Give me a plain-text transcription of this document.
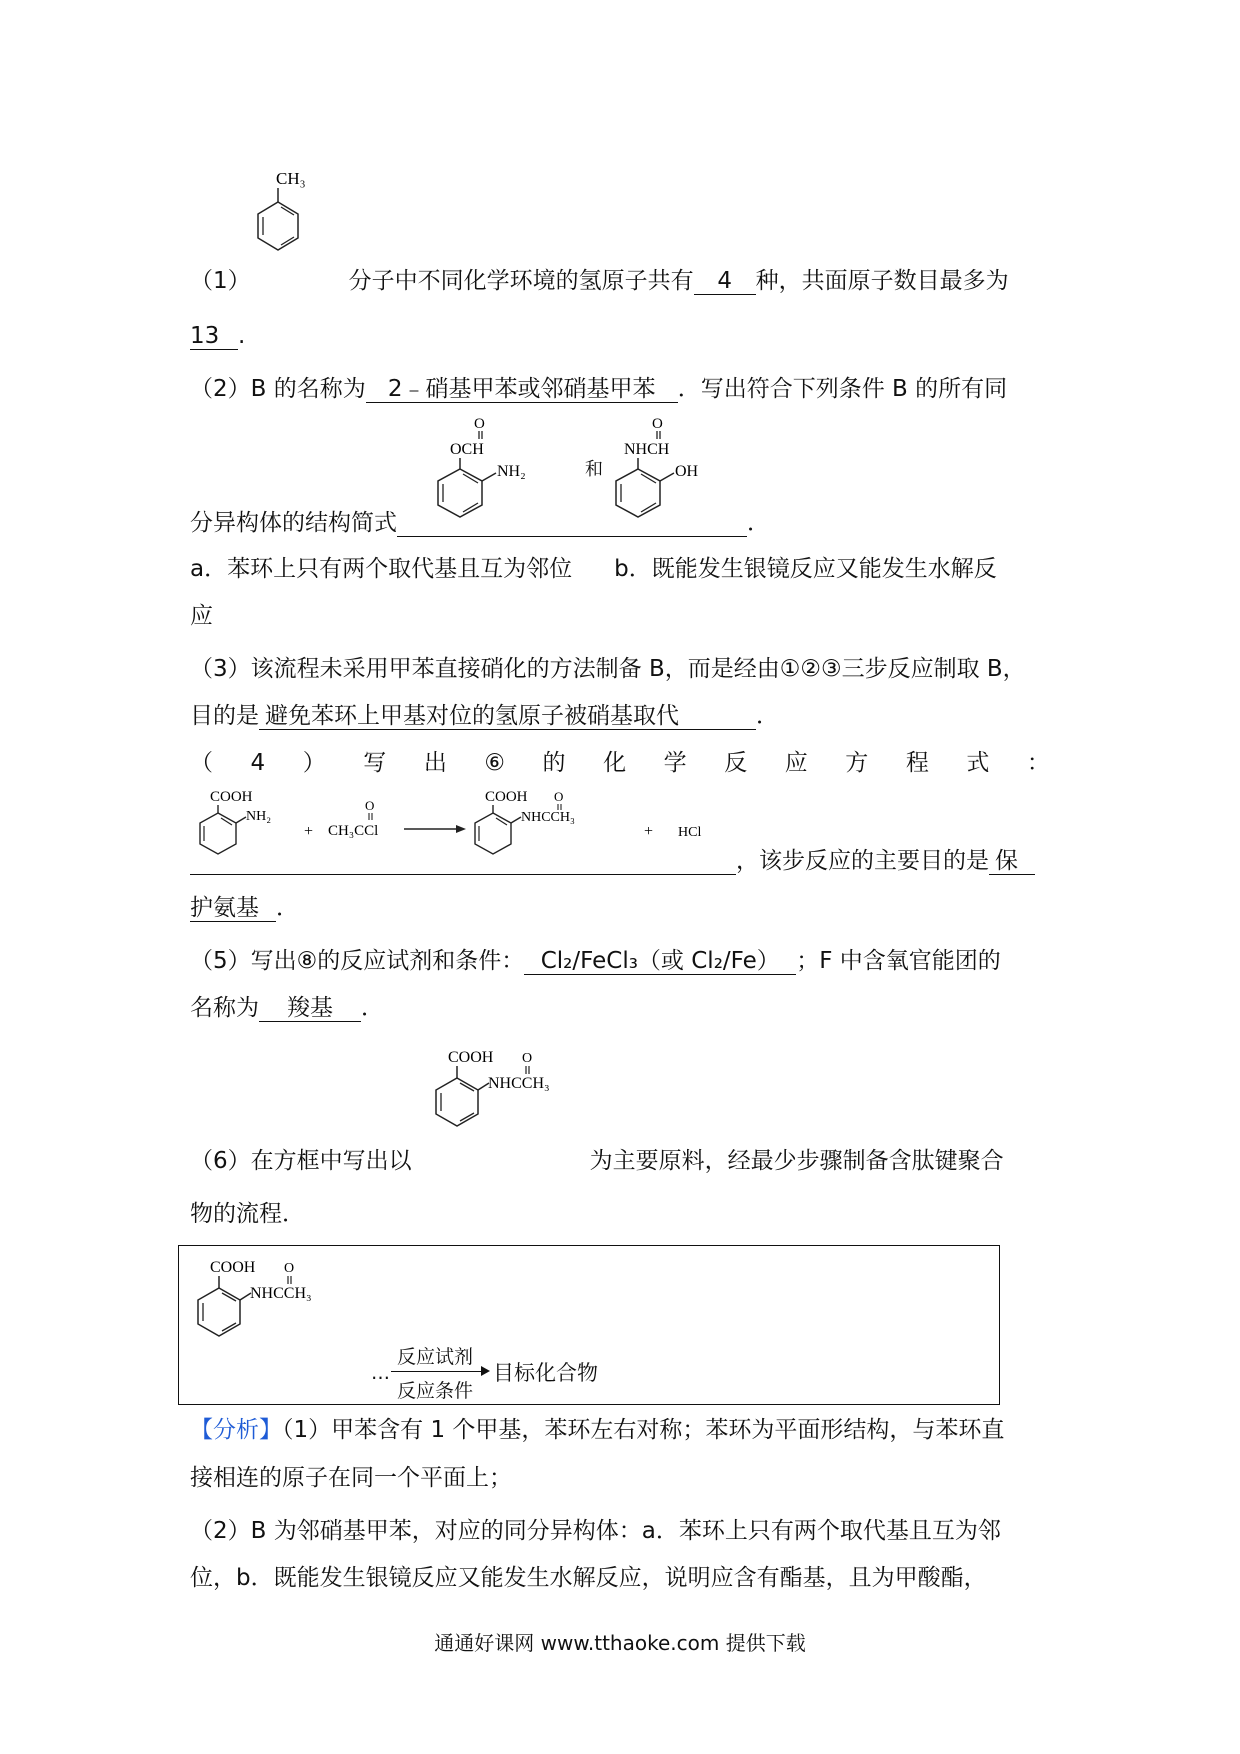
CH₃
（1）	分子中不同化学环境的氢原子共有 4 种，共面原子数目最多为
13 .
（2）B 的名称为 2﹣硝基甲苯或邻硝基甲苯 ．写出符合下列条件 B 的所有同
O
OCH
NH₂	和
O
NHCH
OH
分异构体的结构简式	．
a．苯环上只有两个取代基且互为邻位 b．既能发生银镜反应又能发生水解反
应
（3）该流程未采用甲苯直接硝化的方法制备 B，而是经由①②③三步反应制取 B，
目的是 避免苯环上甲基对位的氢原子被硝基取代	．
（ 4 ） 写 出 ⑥ 的 化 学 反 应 方 程 式 ：
COOH
NH₂
+
O
CH₃CCl
COOH O
NHCCH₃
+ HCl
，该步反应的主要目的是 保
护氨基 ．
（5）写出⑧的反应试剂和条件： Cl₂/FeCl₃（或 Cl₂/Fe） ；F 中含氧官能团的
名称为 羧基 ．
COOH O
NHCCH₃
（6）在方框中写出以	为主要原料，经最少步骤制备含肽键聚合
物的流程．
COOH O
NHCCH₃
…
反应试剂
反应条件
目标化合物
【分析】（1）甲苯含有 1 个甲基，苯环左右对称；苯环为平面形结构，与苯环直
接相连的原子在同一个平面上；
（2）B 为邻硝基甲苯，对应的同分异构体：a．苯环上只有两个取代基且互为邻
位，b．既能发生银镜反应又能发生水解反应，说明应含有酯基，且为甲酸酯，
通通好课网 www.tthaoke.com 提供下载
